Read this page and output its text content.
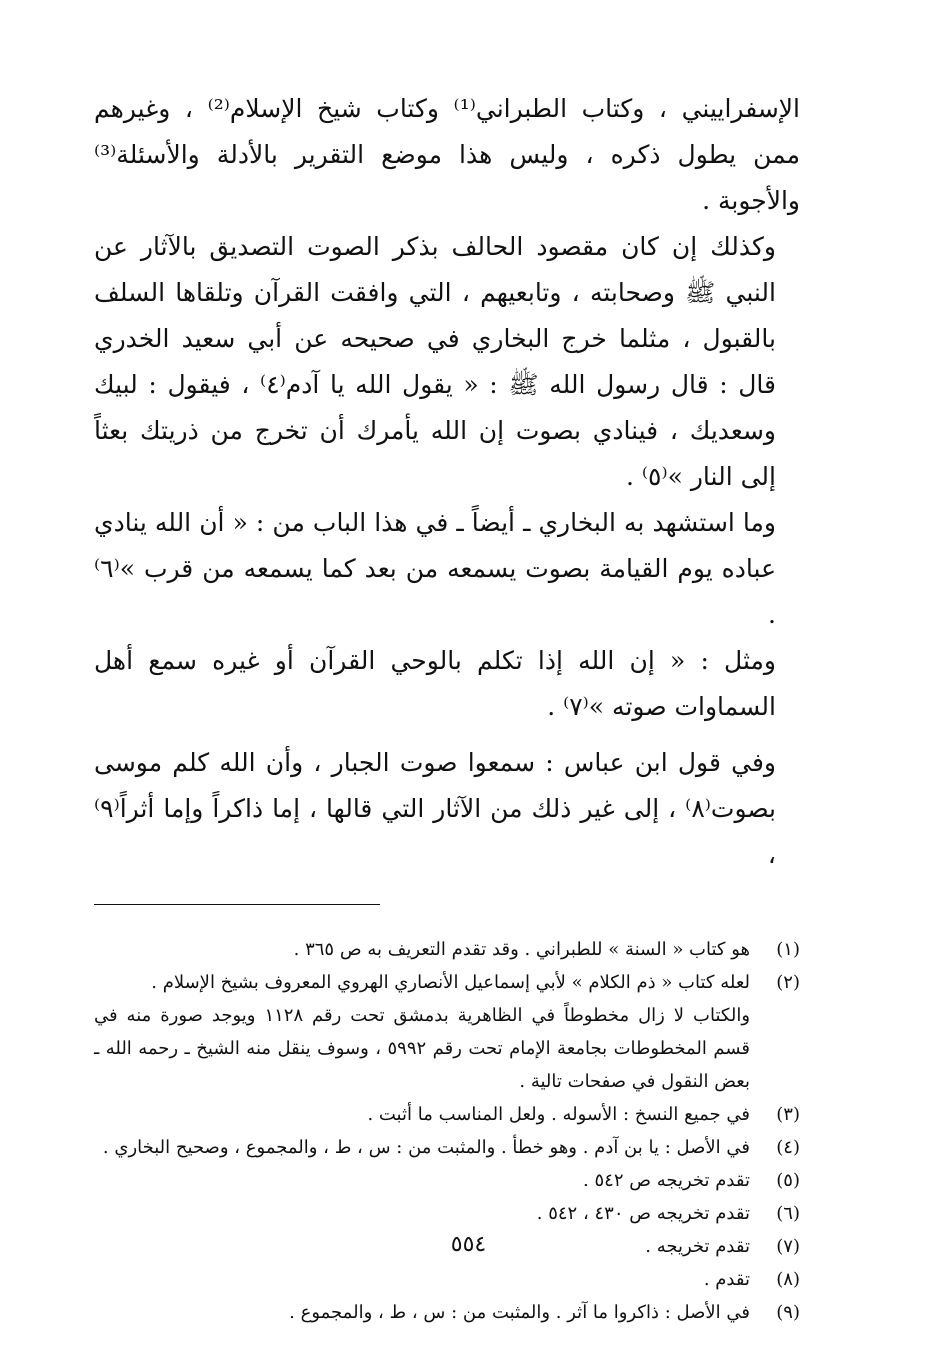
الإسفراييني ، وكتاب الطبراني⁽¹⁾ وكتاب شيخ الإسلام⁽²⁾ ، وغيرهم ممن يطول ذكره ، وليس هذا موضع التقرير بالأدلة والأسئلة⁽³⁾ والأجوبة .

وكذلك إن كان مقصود الحالف بذكر الصوت التصديق بالآثار عن النبي ﷺ وصحابته ، وتابعيهم ، التي وافقت القرآن وتلقاها السلف بالقبول ، مثلما خرج البخاري في صحيحه عن أبي سعيد الخدري قال : قال رسول الله ﷺ : « يقول الله يا آدم⁽٤⁾ ، فيقول : لبيك وسعديك ، فينادي بصوت إن الله يأمرك أن تخرج من ذريتك بعثاً إلى النار »⁽٥⁾ .

وما استشهد به البخاري ـ أيضاً ـ في هذا الباب من : « أن الله ينادي عباده يوم القيامة بصوت يسمعه من بعد كما يسمعه من قرب »⁽٦⁾ .

ومثل : « إن الله إذا تكلم بالوحي القرآن أو غيره سمع أهل السماوات صوته »⁽٧⁾ .

وفي قول ابن عباس : سمعوا صوت الجبار ، وأن الله كلم موسى بصوت⁽٨⁾ ، إلى غير ذلك من الآثار التي قالها ، إما ذاكراً وإما أثراً⁽٩⁾ ،

(١)
هو كتاب « السنة » للطبراني . وقد تقدم التعريف به ص ٣٦٥ .
(٢)
لعله كتاب « ذم الكلام » لأبي إسماعيل الأنصاري الهروي المعروف بشيخ الإسلام .
والكتاب لا زال مخطوطاً في الظاهرية بدمشق تحت رقم ١١٢٨ ويوجد صورة منه في قسم المخطوطات بجامعة الإمام تحت رقم ٥٩٩٢ ، وسوف ينقل منه الشيخ ـ رحمه الله ـ بعض النقول في صفحات تالية .
(٣)
في جميع النسخ : الأسوله . ولعل المناسب ما أثبت .
(٤)
في الأصل : يا بن آدم . وهو خطأ . والمثبت من : س ، ط ، والمجموع ، وصحيح البخاري .
(٥)
تقدم تخريجه ص ٥٤٢ .
(٦)
تقدم تخريجه ص ٤٣٠ ، ٥٤٢ .
(٧)
تقدم تخريجه .
(٨)
تقدم .
(٩)
في الأصل : ذاكروا ما آثر . والمثبت من : س ، ط ، والمجموع .
٥٥٤
